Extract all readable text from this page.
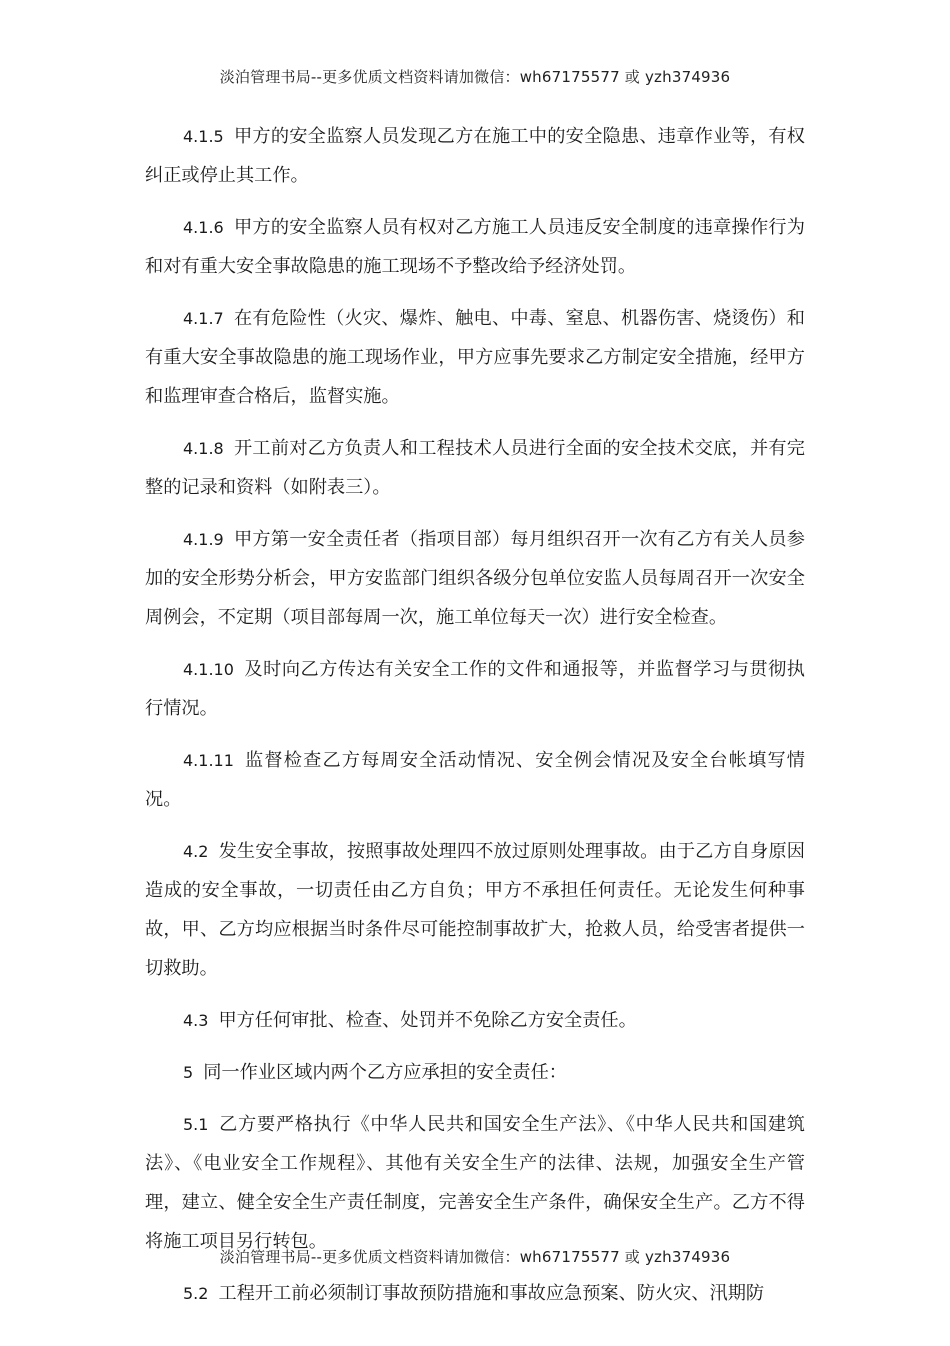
淡泊管理书局--更多优质文档资料请加微信：wh67175577 或 yzh374936

4.1.5 甲方的安全监察人员发现乙方在施工中的安全隐患、违章作业等，有权纠正或停止其工作。

4.1.6 甲方的安全监察人员有权对乙方施工人员违反安全制度的违章操作行为和对有重大安全事故隐患的施工现场不予整改给予经济处罚。

4.1.7 在有危险性（火灾、爆炸、触电、中毒、窒息、机器伤害、烧烫伤）和有重大安全事故隐患的施工现场作业，甲方应事先要求乙方制定安全措施，经甲方和监理审查合格后，监督实施。

4.1.8 开工前对乙方负责人和工程技术人员进行全面的安全技术交底，并有完整的记录和资料（如附表三）。

4.1.9 甲方第一安全责任者（指项目部）每月组织召开一次有乙方有关人员参加的安全形势分析会，甲方安监部门组织各级分包单位安监人员每周召开一次安全周例会，不定期（项目部每周一次，施工单位每天一次）进行安全检查。

4.1.10 及时向乙方传达有关安全工作的文件和通报等，并监督学习与贯彻执行情况。

4.1.11 监督检查乙方每周安全活动情况、安全例会情况及安全台帐填写情况。

4.2 发生安全事故，按照事故处理四不放过原则处理事故。由于乙方自身原因造成的安全事故，一切责任由乙方自负；甲方不承担任何责任。无论发生何种事故，甲、乙方均应根据当时条件尽可能控制事故扩大，抢救人员，给受害者提供一切救助。

4.3 甲方任何审批、检查、处罚并不免除乙方安全责任。

5 同一作业区域内两个乙方应承担的安全责任：

5.1 乙方要严格执行《中华人民共和国安全生产法》、《中华人民共和国建筑法》、《电业安全工作规程》、其他有关安全生产的法律、法规，加强安全生产管理，建立、健全安全生产责任制度，完善安全生产条件，确保安全生产。乙方不得将施工项目另行转包。

5.2 工程开工前必须制订事故预防措施和事故应急预案、防火灾、汛期防

淡泊管理书局--更多优质文档资料请加微信：wh67175577 或 yzh374936
